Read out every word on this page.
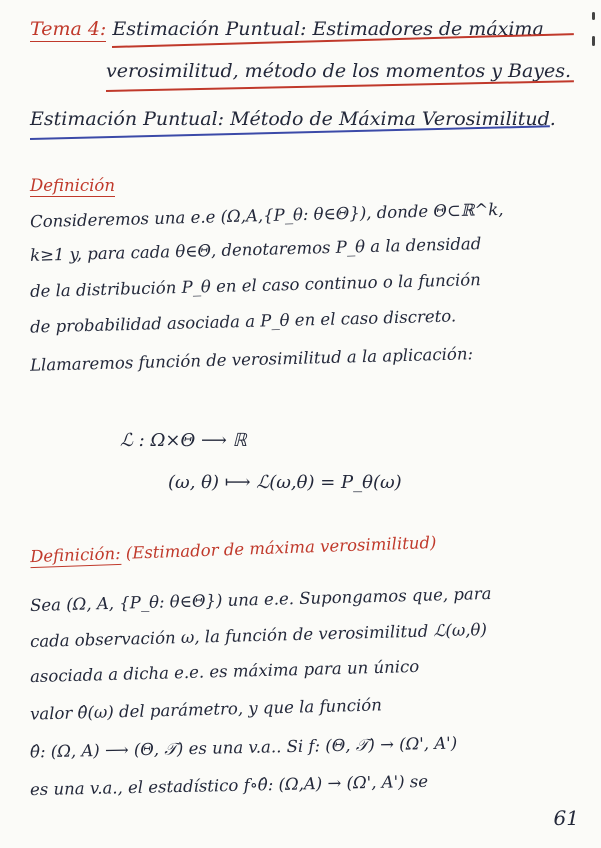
Tema 4: Estimación Puntual: Estimadores de máxima
verosimilitud, método de los momentos y Bayes.
Estimación Puntual: Método de Máxima Verosimilitud.
Definición
Consideremos una e.e (Ω,A,{P_θ: θ∈Θ}), donde Θ⊂ℝ^k,
k≥1 y, para cada θ∈Θ, denotaremos P_θ a la densidad
de la distribución P_θ en el caso continuo o la función
de probabilidad asociada a P_θ en el caso discreto.
Llamaremos función de verosimilitud a la aplicación:
ℒ : Ω×Θ ⟶ ℝ
(ω, θ) ⟼ ℒ(ω,θ) = P_θ(ω)
Definición: (Estimador de máxima verosimilitud)
Sea (Ω, A, {P_θ: θ∈Θ}) una e.e. Supongamos que, para
cada observación ω, la función de verosimilitud ℒ(ω,θ)
asociada a dicha e.e. es máxima para un único
valor θ̂(ω) del parámetro, y que la función
θ̂: (Ω, A) ⟶ (Θ, 𝒯) es una v.a.. Si f: (Θ, 𝒯) → (Ω', A')
es una v.a., el estadístico f∘θ̂: (Ω,A) → (Ω', A') se
61
